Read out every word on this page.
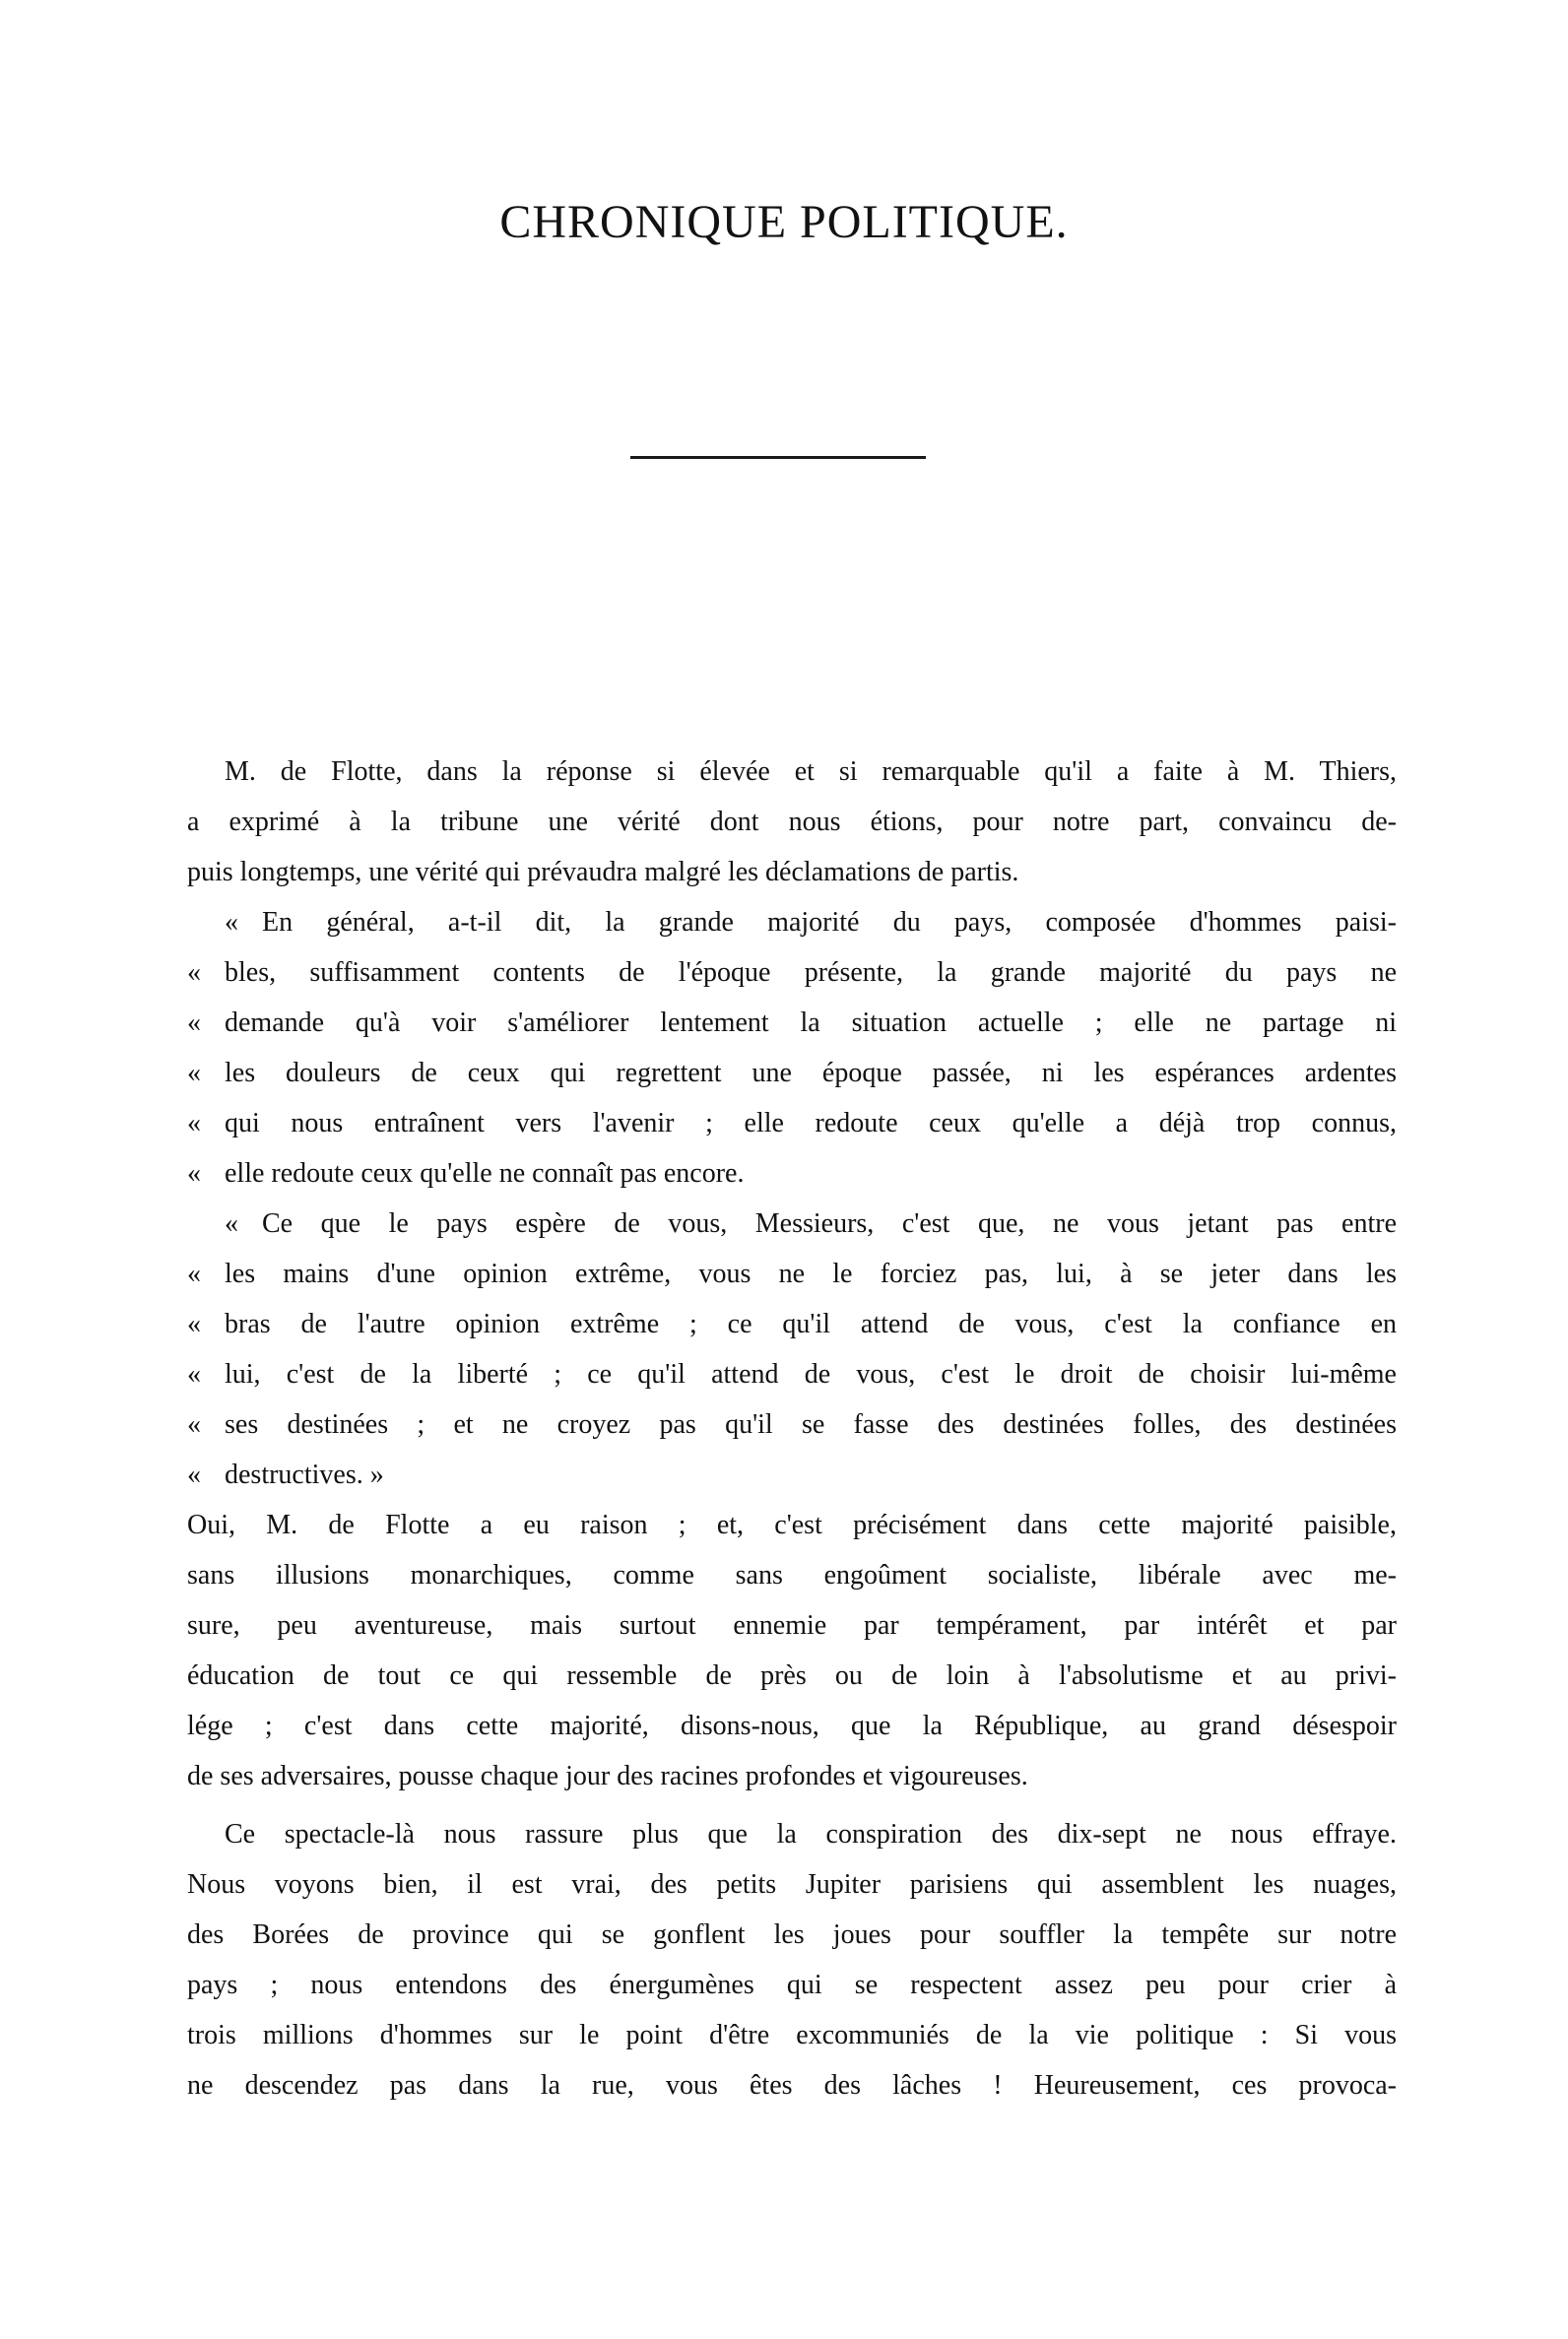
CHRONIQUE POLITIQUE.
M. de Flotte, dans la réponse si élevée et si remarquable qu'il a faite à M. Thiers,
a exprimé à la tribune une vérité dont nous étions, pour notre part, convaincu de-
puis longtemps, une vérité qui prévaudra malgré les déclamations de partis.
« En général, a-t-il dit, la grande majorité du pays, composée d'hommes paisi-
« bles, suffisamment contents de l'époque présente, la grande majorité du pays ne
« demande qu'à voir s'améliorer lentement la situation actuelle ; elle ne partage ni
« les douleurs de ceux qui regrettent une époque passée, ni les espérances ardentes
« qui nous entraînent vers l'avenir ; elle redoute ceux qu'elle a déjà trop connus,
« elle redoute ceux qu'elle ne connaît pas encore.
« Ce que le pays espère de vous, Messieurs, c'est que, ne vous jetant pas entre
« les mains d'une opinion extrême, vous ne le forciez pas, lui, à se jeter dans les
« bras de l'autre opinion extrême ; ce qu'il attend de vous, c'est la confiance en
« lui, c'est de la liberté ; ce qu'il attend de vous, c'est le droit de choisir lui-même
« ses destinées ; et ne croyez pas qu'il se fasse des destinées folles, des destinées
« destructives. »
Oui, M. de Flotte a eu raison ; et, c'est précisément dans cette majorité paisible,
sans illusions monarchiques, comme sans engoûment socialiste, libérale avec me-
sure, peu aventureuse, mais surtout ennemie par tempérament, par intérêt et par
éducation de tout ce qui ressemble de près ou de loin à l'absolutisme et au privi-
lége ; c'est dans cette majorité, disons-nous, que la République, au grand désespoir
de ses adversaires, pousse chaque jour des racines profondes et vigoureuses.
Ce spectacle-là nous rassure plus que la conspiration des dix-sept ne nous effraye.
Nous voyons bien, il est vrai, des petits Jupiter parisiens qui assemblent les nuages,
des Borées de province qui se gonflent les joues pour souffler la tempête sur notre
pays ; nous entendons des énergumènes qui se respectent assez peu pour crier à
trois millions d'hommes sur le point d'être excommuniés de la vie politique : Si vous
ne descendez pas dans la rue, vous êtes des lâches ! Heureusement, ces provoca-
